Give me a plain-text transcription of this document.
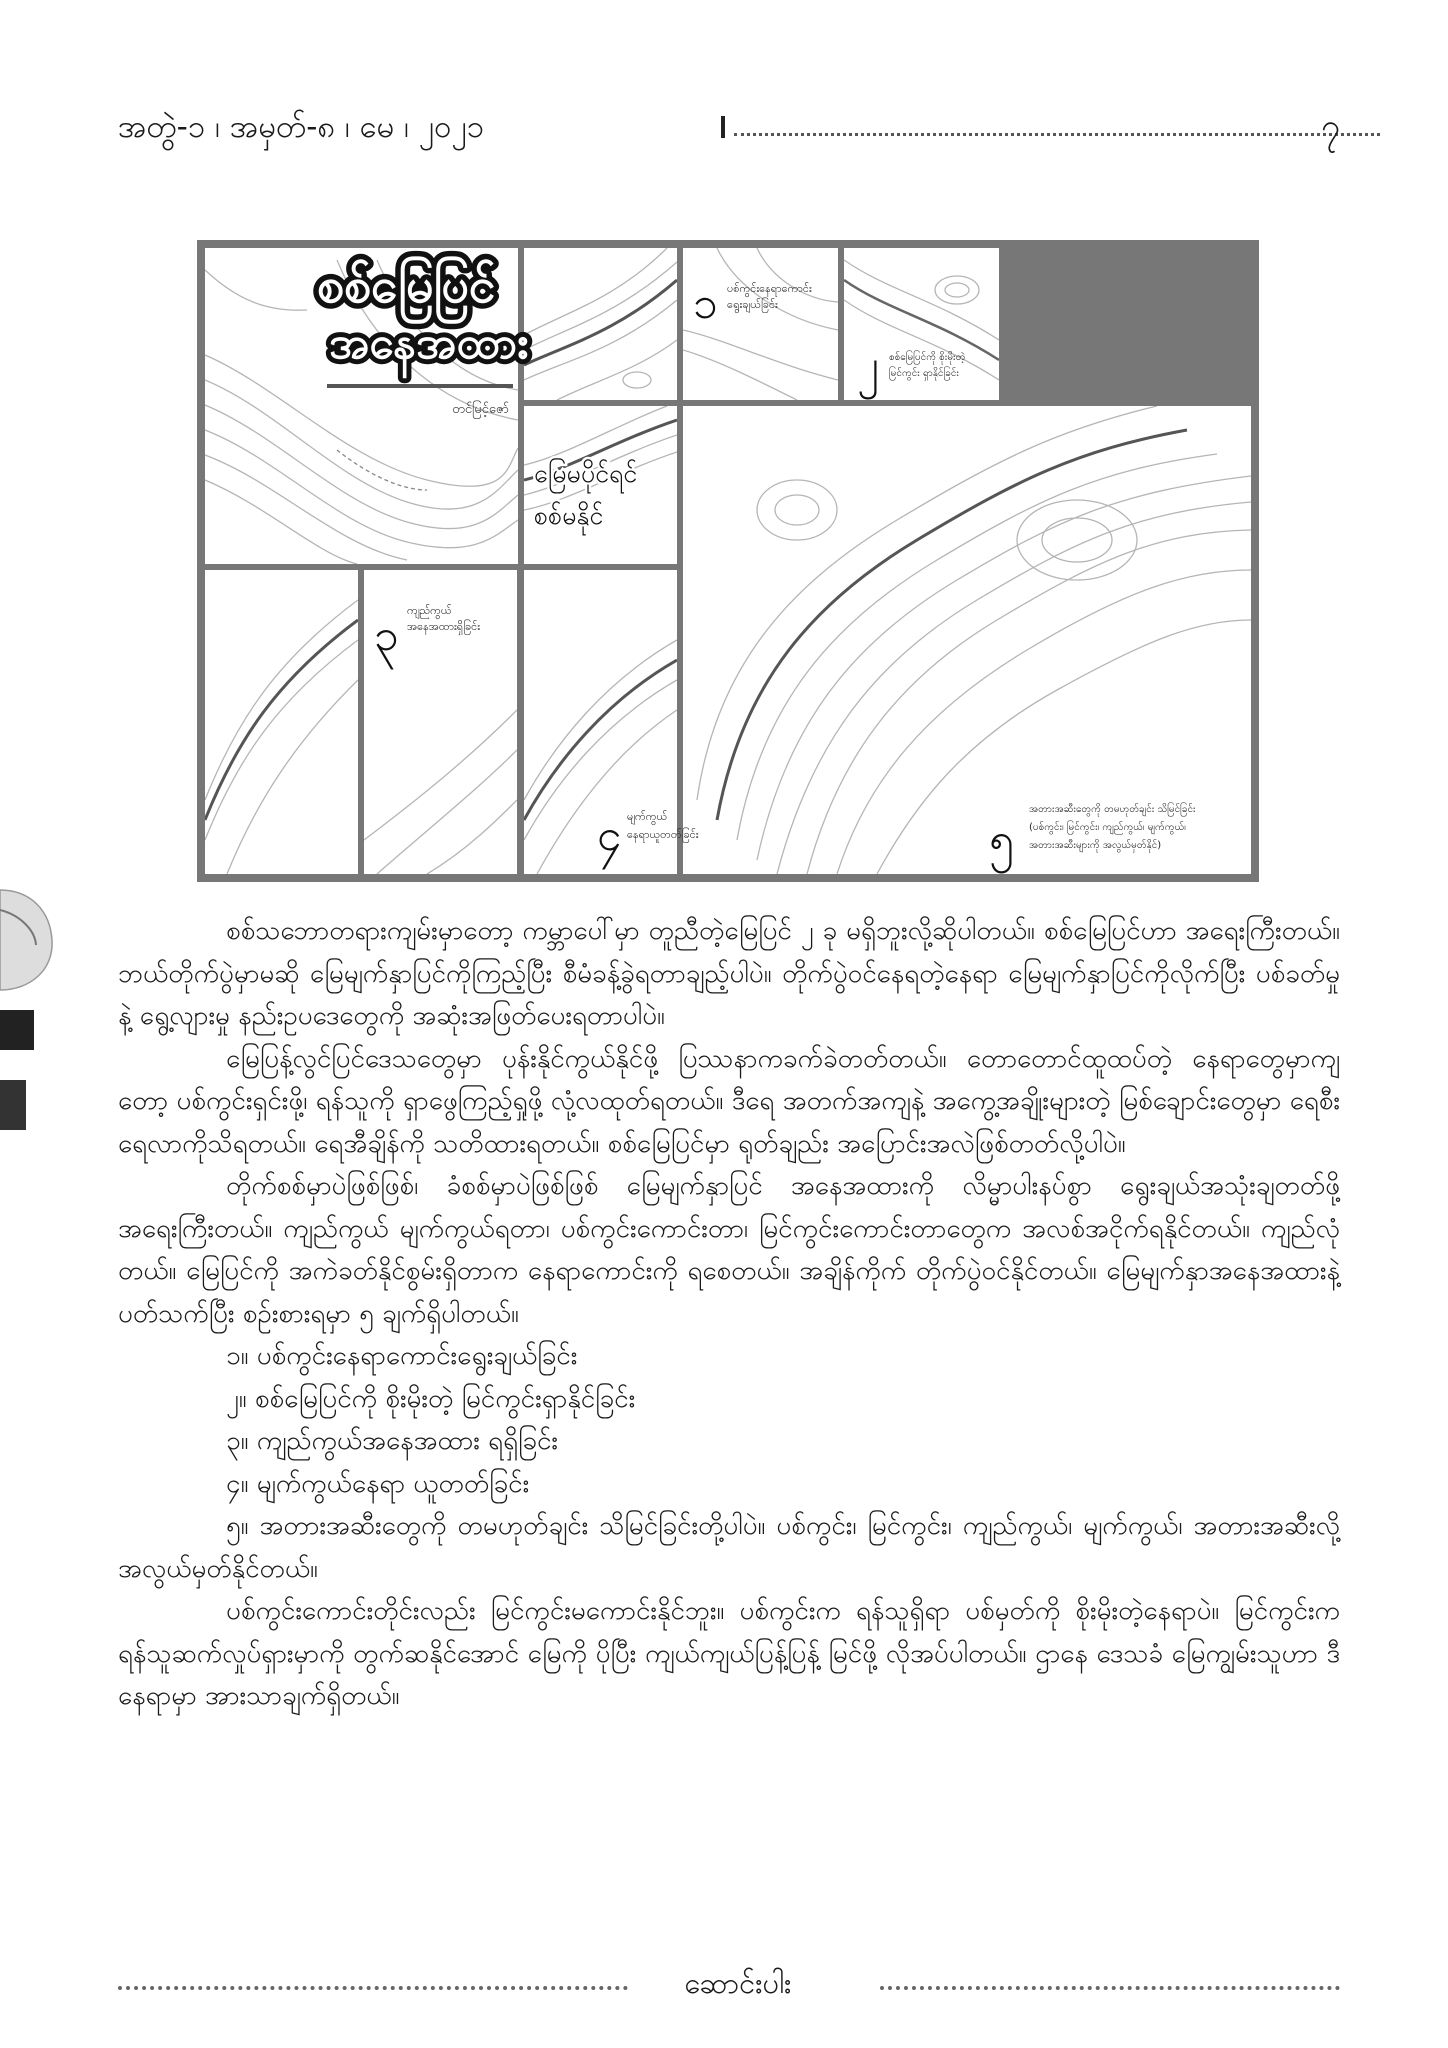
အတွဲ-၁ ၊ အမှတ်-၈ ၊ မေ ၊ ၂၀၂၁	၇
စစ်မြေပြင်
အနေအထား
တင်မြင့်ဇော်
မြေမပိုင်ရင်
စစ်မနိုင်
၁ ပစ်ကွင်းနေရာကောင်း
ရွေးချယ်ခြင်း
၂ စစ်မြေပြင်ကို စိုးမိုးတဲ့
မြင်ကွင်း ရှာနိုင်ခြင်း
၃ ကျည်ကွယ်
အနေအထားရှိခြင်း
၄ မျက်ကွယ်
နေရာယူတတ်ခြင်း	၅
အတားအဆီးတွေကို တမဟုတ်ချင်း သိမြင်ခြင်း
(ပစ်ကွင်း၊ မြင်ကွင်း၊ ကျည်ကွယ်၊ မျက်ကွယ်၊
အတားအဆီးများကို အလွယ်မှတ်နိုင်)

စစ်သဘောတရားကျမ်းမှာတော့ ကမ္ဘာပေါ်မှာ တူညီတဲ့မြေပြင် ၂ ခု မရှိဘူးလို့ဆိုပါတယ်။ စစ်မြေပြင်ဟာ အရေးကြီးတယ်။ ဘယ်တိုက်ပွဲမှာမဆို မြေမျက်နှာပြင်ကိုကြည့်ပြီး စီမံခန့်ခွဲရတာချည့်ပါပဲ။ တိုက်ပွဲဝင်နေရတဲ့နေရာ မြေမျက်နှာပြင်ကိုလိုက်ပြီး ပစ်ခတ်မှုနဲ့ ရွေ့လျားမှု နည်းဥပဒေတွေကို အဆုံးအဖြတ်ပေးရတာပါပဲ။

မြေပြန့်လွင်ပြင်ဒေသတွေမှာ ပုန်းနိုင်ကွယ်နိုင်ဖို့ ပြဿနာကခက်ခဲတတ်တယ်။ တောတောင်ထူထပ်တဲ့ နေရာတွေမှာကျတော့ ပစ်ကွင်းရှင်းဖို့၊ ရန်သူကို ရှာဖွေကြည့်ရှုဖို့ လုံ့လထုတ်ရတယ်။ ဒီရေ အတက်အကျနဲ့ အကွေ့အချိုးများတဲ့ မြစ်ချောင်းတွေမှာ ရေစီးရေလာကိုသိရတယ်။ ရေအီချိန်ကို သတိထားရတယ်။ စစ်မြေပြင်မှာ ရုတ်ချည်း အပြောင်းအလဲဖြစ်တတ်လို့ပါပဲ။

တိုက်စစ်မှာပဲဖြစ်ဖြစ်၊ ခံစစ်မှာပဲဖြစ်ဖြစ် မြေမျက်နှာပြင် အနေအထားကို လိမ္မာပါးနပ်စွာ ရွေးချယ်အသုံးချတတ်ဖို့ အရေးကြီးတယ်။ ကျည်ကွယ် မျက်ကွယ်ရတာ၊ ပစ်ကွင်းကောင်းတာ၊ မြင်ကွင်းကောင်းတာတွေက အလစ်အငိုက်ရနိုင်တယ်။ ကျည်လုံတယ်။ မြေပြင်ကို အကဲခတ်နိုင်စွမ်းရှိတာက နေရာကောင်းကို ရစေတယ်။ အချိန်ကိုက် တိုက်ပွဲဝင်နိုင်တယ်။ မြေမျက်နှာအနေအထားနဲ့ပတ်သက်ပြီး စဉ်းစားရမှာ ၅ ချက်ရှိပါတယ်။

၁။ ပစ်ကွင်းနေရာကောင်းရွေးချယ်ခြင်း

၂။ စစ်မြေပြင်ကို စိုးမိုးတဲ့ မြင်ကွင်းရှာနိုင်ခြင်း

၃။ ကျည်ကွယ်အနေအထား ရရှိခြင်း

၄။ မျက်ကွယ်နေရာ ယူတတ်ခြင်း

၅။ အတားအဆီးတွေကို တမဟုတ်ချင်း သိမြင်ခြင်းတို့ပါပဲ။ ပစ်ကွင်း၊ မြင်ကွင်း၊ ကျည်ကွယ်၊ မျက်ကွယ်၊ အတားအဆီးလို့ အလွယ်မှတ်နိုင်တယ်။

ပစ်ကွင်းကောင်းတိုင်းလည်း မြင်ကွင်းမကောင်းနိုင်ဘူး။ ပစ်ကွင်းက ရန်သူရှိရာ ပစ်မှတ်ကို စိုးမိုးတဲ့နေရာပဲ။ မြင်ကွင်းက ရန်သူဆက်လှုပ်ရှားမှာကို တွက်ဆနိုင်အောင် မြေကို ပိုပြီး ကျယ်ကျယ်ပြန့်ပြန့် မြင်ဖို့ လိုအပ်ပါတယ်။ ဌာနေ ဒေသခံ မြေကျွမ်းသူဟာ ဒီနေရာမှာ အားသာချက်ရှိတယ်။

ဆောင်းပါး
